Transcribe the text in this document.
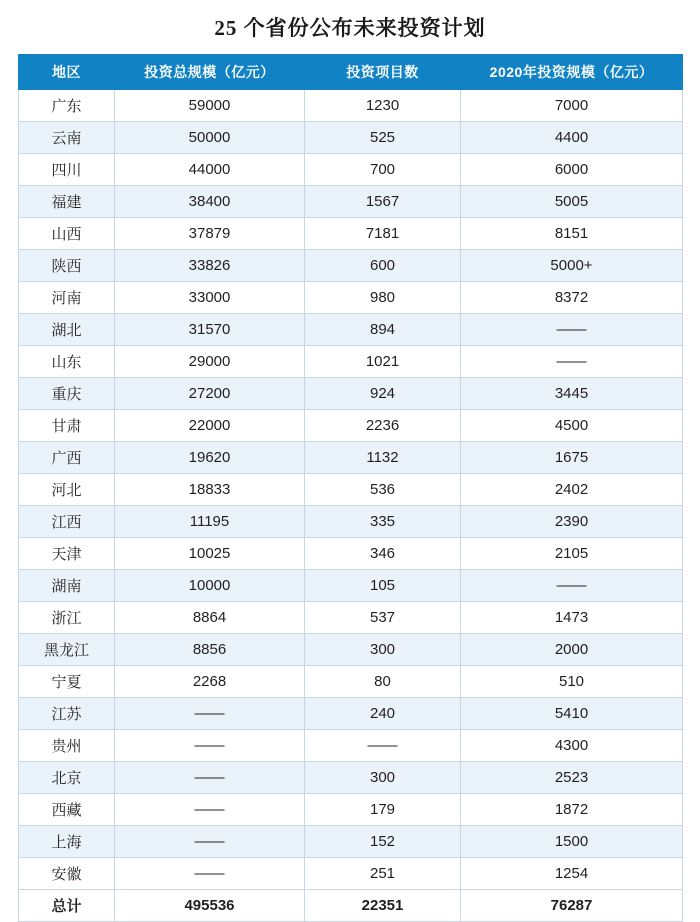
25 个省份公布未来投资计划
地区	投资总规模（亿元）	投资项目数	2020年投资规模（亿元）
广东	59000	1230	7000
云南	50000	525	4400
四川	44000	700	6000
福建	38400	1567	5005
山西	37879	7181	8151
陕西	33826	600	5000+
河南	33000	980	8372
湖北	31570	894	——
山东	29000	1021	——
重庆	27200	924	3445
甘肃	22000	2236	4500
广西	19620	1132	1675
河北	18833	536	2402
江西	11195	335	2390
天津	10025	346	2105
湖南	10000	105	——
浙江	8864	537	1473
黑龙江	8856	300	2000
宁夏	2268	80	510
江苏	——	240	5410
贵州	——	——	4300
北京	——	300	2523
西藏	——	179	1872
上海	——	152	1500
安徽	——	251	1254
总计	495536	22351	76287
